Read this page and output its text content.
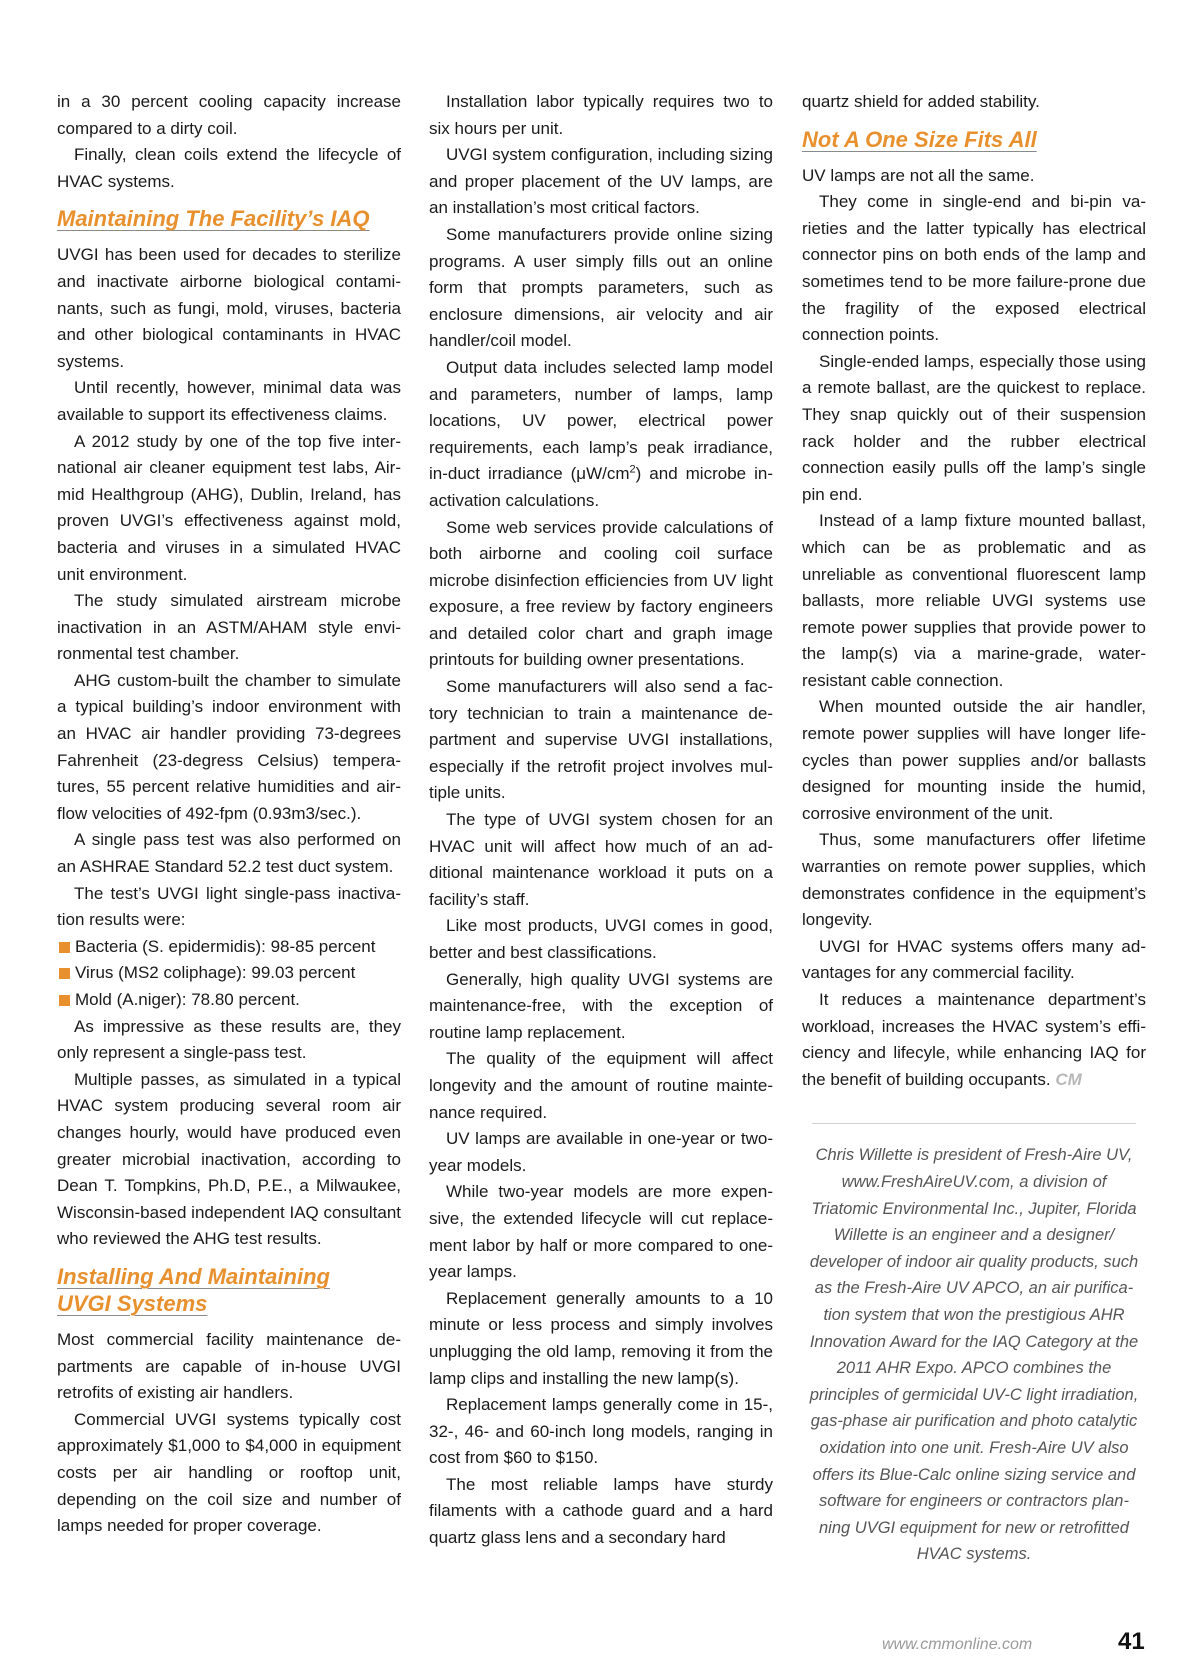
in a 30 percent cooling capacity increase compared to a dirty coil.

Finally, clean coils extend the lifecycle of HVAC systems.

Maintaining The Facility’s IAQ

UVGI has been used for decades to sterilize and inactivate airborne biological contaminants, such as fungi, mold, viruses, bacteria and other biological contaminants in HVAC systems.

Until recently, however, minimal data was available to support its effectiveness claims.

A 2012 study by one of the top five international air cleaner equipment test labs, Airmid Healthgroup (AHG), Dublin, Ireland, has proven UVGI’s effectiveness against mold, bacteria and viruses in a simulated HVAC unit environment.

The study simulated airstream microbe inactivation in an ASTM/AHAM style environmental test chamber.

AHG custom-built the chamber to simulate a typical building’s indoor environment with an HVAC air handler providing 73-degrees Fahrenheit (23-degress Celsius) temperatures, 55 percent relative humidities and airflow velocities of 492-fpm (0.93m3/sec.).

A single pass test was also performed on an ASHRAE Standard 52.2 test duct system.

The test’s UVGI light single-pass inactivation results were:

Bacteria (S. epidermidis): 98-85 percent
Virus (MS2 coliphage): 99.03 percent
Mold (A.niger): 78.80 percent.

As impressive as these results are, they only represent a single-pass test.

Multiple passes, as simulated in a typical HVAC system producing several room air changes hourly, would have produced even greater microbial inactivation, according to Dean T. Tompkins, Ph.D, P.E., a Milwaukee, Wisconsin-based independent IAQ consultant who reviewed the AHG test results.

Installing And Maintaining
UVGI Systems

Most commercial facility maintenance departments are capable of in-house UVGI retrofits of existing air handlers.

Commercial UVGI systems typically cost approximately $1,000 to $4,000 in equipment costs per air handling or rooftop unit, depending on the coil size and number of lamps needed for proper coverage.

Installation labor typically requires two to six hours per unit.

UVGI system configuration, including sizing and proper placement of the UV lamps, are an installation’s most critical factors.

Some manufacturers provide online sizing programs. A user simply fills out an online form that prompts parameters, such as enclosure dimensions, air velocity and air handler/coil model.

Output data includes selected lamp model and parameters, number of lamps, lamp locations, UV power, electrical power requirements, each lamp’s peak irradiance, in-duct irradiance $(\mu W/cm^2)$ and microbe inactivation calculations.

Some web services provide calculations of both airborne and cooling coil surface microbe disinfection efficiencies from UV light exposure, a free review by factory engineers and detailed color chart and graph image printouts for building owner presentations.

Some manufacturers will also send a factory technician to train a maintenance department and supervise UVGI installations, especially if the retrofit project involves multiple units.

The type of UVGI system chosen for an HVAC unit will affect how much of an additional maintenance workload it puts on a facility’s staff.

Like most products, UVGI comes in good, better and best classifications.

Generally, high quality UVGI systems are maintenance-free, with the exception of routine lamp replacement.

The quality of the equipment will affect longevity and the amount of routine maintenance required.

UV lamps are available in one-year or two-year models.

While two-year models are more expensive, the extended lifecycle will cut replacement labor by half or more compared to one-year lamps.

Replacement generally amounts to a 10 minute or less process and simply involves unplugging the old lamp, removing it from the lamp clips and installing the new lamp(s).

Replacement lamps generally come in 15-, 32-, 46- and 60-inch long models, ranging in cost from $60 to $150.

The most reliable lamps have sturdy filaments with a cathode guard and a hard quartz glass lens and a secondary hard

quartz shield for added stability.

Not A One Size Fits All

UV lamps are not all the same.

They come in single-end and bi-pin varieties and the latter typically has electrical connector pins on both ends of the lamp and sometimes tend to be more failure-prone due the fragility of the exposed electrical connection points.

Single-ended lamps, especially those using a remote ballast, are the quickest to replace. They snap quickly out of their suspension rack holder and the rubber electrical connection easily pulls off the lamp’s single pin end.

Instead of a lamp fixture mounted ballast, which can be as problematic and as unreliable as conventional fluorescent lamp ballasts, more reliable UVGI systems use remote power supplies that provide power to the lamp(s) via a marine-grade, water-resistant cable connection.

When mounted outside the air handler, remote power supplies will have longer lifecycles than power supplies and/or ballasts designed for mounting inside the humid, corrosive environment of the unit.

Thus, some manufacturers offer lifetime warranties on remote power supplies, which demonstrates confidence in the equipment’s longevity.

UVGI for HVAC systems offers many advantages for any commercial facility.

It reduces a maintenance department’s workload, increases the HVAC system’s efficiency and lifecyle, while enhancing IAQ for the benefit of building occupants. CM

Chris Willette is president of Fresh-Aire UV, www.FreshAireUV.com, a division of Triatomic Environmental Inc., Jupiter, Florida Willette is an engineer and a designer/ developer of indoor air quality products, such as the Fresh-Aire UV APCO, an air purification system that won the prestigious AHR Innovation Award for the IAQ Category at the 2011 AHR Expo. APCO combines the principles of germicidal UV-C light irradiation, gas-phase air purification and photo catalytic oxidation into one unit. Fresh-Aire UV also offers its Blue-Calc online sizing service and software for engineers or contractors planning UVGI equipment for new or retrofitted HVAC systems.
www.cmmonline.com	41
